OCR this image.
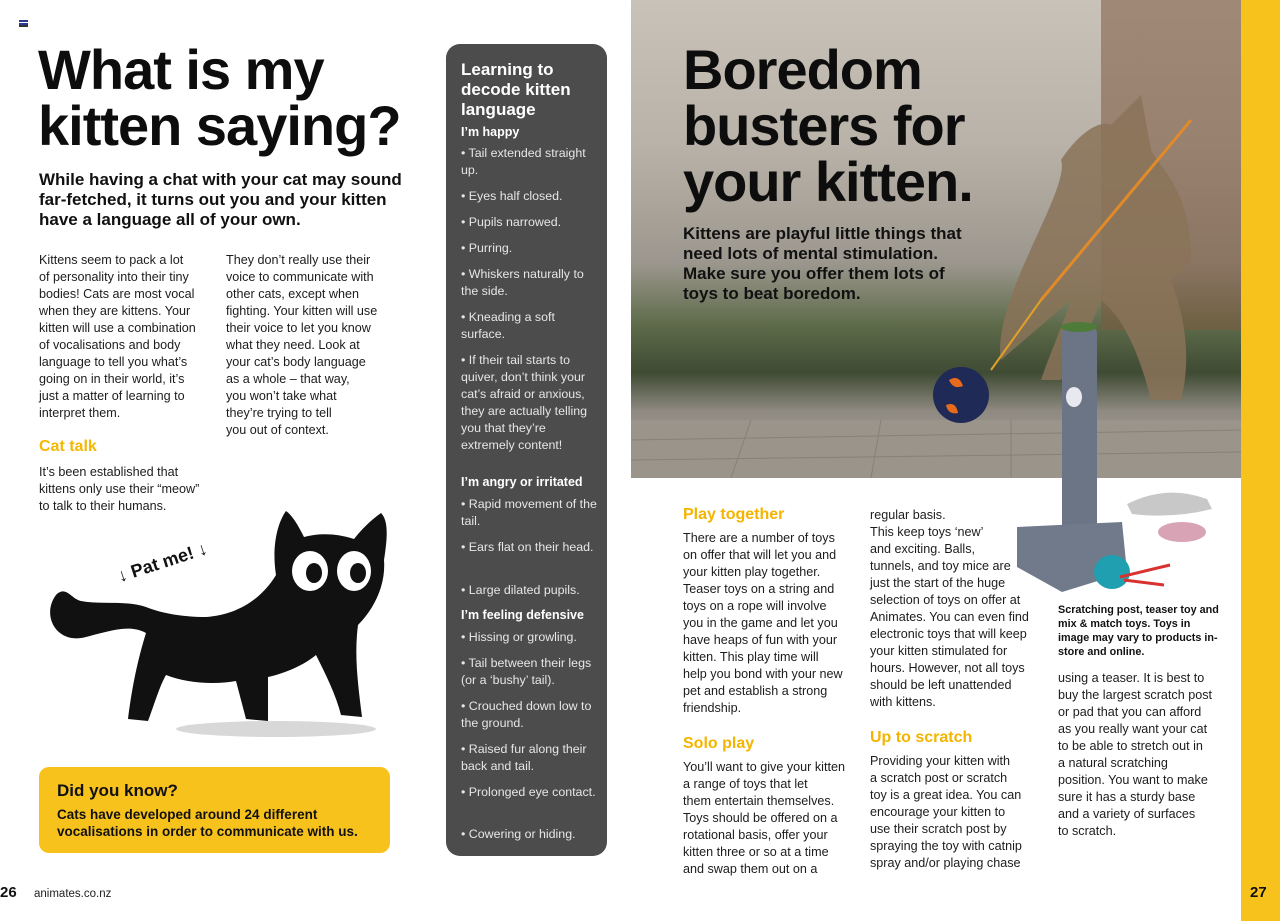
What is my
kitten saying?
While having a chat with your cat may sound far-fetched, it turns out you and your kitten have a language all of your own.

Kittens seem to pack a lot

of personality into their tiny

bodies! Cats are most vocal

when they are kittens. Your

kitten will use a combination

of vocalisations and body

language to tell you what’s

going on in their world, it’s

just a matter of learning to

interpret them.

They don’t really use their

voice to communicate with

other cats, except when

fighting. Your kitten will use

their voice to let you know

what they need. Look at

your cat’s body language

as a whole – that way,

you won’t take what

they’re trying to tell

you out of context.

Cat talk

It’s been established that

kittens only use their “meow”

to talk to their humans.

↓ Pat me! ↓
Did you know?
Cats have developed around 24 different vocalisations in order to communicate with us.
26 animates.co.nz
Learning to decode kitten language
I’m happy
• Tail extended straight up.
• Eyes half closed.
• Pupils narrowed.
• Purring.
• Whiskers naturally to the side.
• Kneading a soft surface.
• If their tail starts to quiver, don’t think your cat’s afraid or anxious, they are actually telling you that they’re extremely content!
I’m angry or irritated
• Rapid movement of the tail.
• Ears flat on their head.
• Large dilated pupils.
I’m feeling defensive
• Hissing or growling.
• Tail between their legs (or a ‘bushy’ tail).
• Crouched down low to the ground.
• Raised fur along their back and tail.
• Prolonged eye contact.
• Cowering or hiding.
Boredom
busters for
your kitten.
Kittens are playful little things that need lots of mental stimulation. Make sure you offer them lots of toys to beat boredom.
Play together

There are a number of toys

on offer that will let you and

your kitten play together.

Teaser toys on a string and

toys on a rope will involve

you in the game and let you

have heaps of fun with your

kitten. This play time will

help you bond with your new

pet and establish a strong

friendship.

Solo play

You’ll want to give your kitten

a range of toys that let

them entertain themselves.

Toys should be offered on a

rotational basis, offer your

kitten three or so at a time

and swap them out on a

regular basis.

This keep toys ‘new’

and exciting. Balls,

tunnels, and toy mice are

just the start of the huge

selection of toys on offer at

Animates. You can even find

electronic toys that will keep

your kitten stimulated for

hours. However, not all toys

should be left unattended

with kittens.

Up to scratch

Providing your kitten with

a scratch post or scratch

toy is a great idea. You can

encourage your kitten to

use their scratch post by

spraying the toy with catnip

spray and/or playing chase

Scratching post, teaser toy and mix & match toys. Toys in image may vary to products in-store and online.

using a teaser. It is best to

buy the largest scratch post

or pad that you can afford

as you really want your cat

to be able to stretch out in

a natural scratching

position. You want to make

sure it has a sturdy base

and a variety of surfaces

to scratch.

27
